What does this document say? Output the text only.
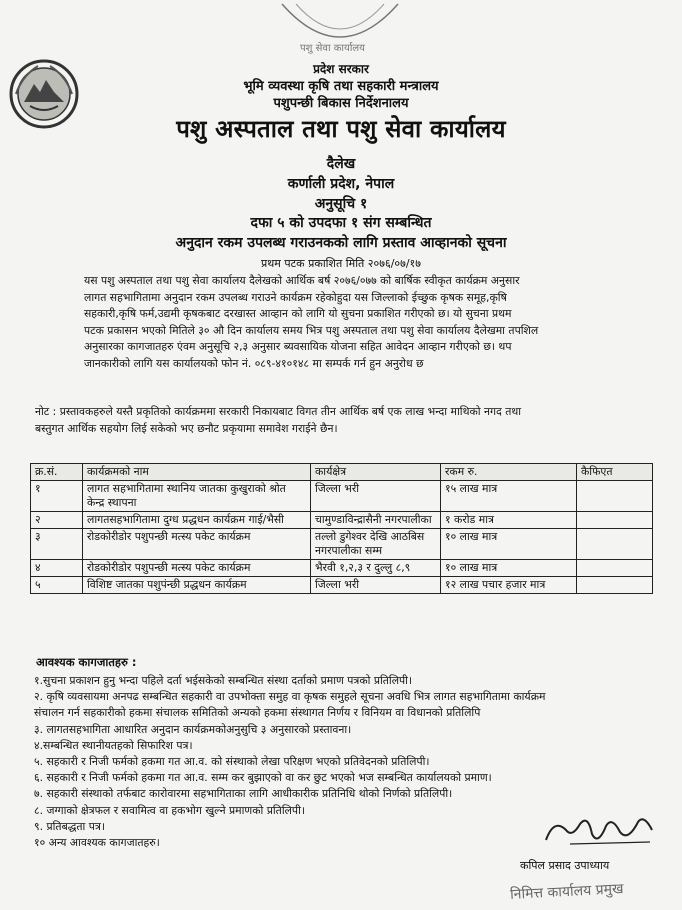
पशु सेवा कार्यालय
प्रदेश सरकार
भूमि व्यवस्था कृषि तथा सहकारी मन्त्रालय
पशुपन्छी बिकास निर्देशनालय
पशु अस्पताल तथा पशु सेवा कार्यालय
दैलेख
कर्णाली प्रदेश, नेपाल
अनुसूचि १
दफा ५ को उपदफा १ संग सम्बन्धित
अनुदान रकम उपलब्ध गराउनकको लागि प्रस्ताव आव्हानको सूचना
प्रथम पटक प्रकाशित मिति २०७६/०७/१७

यस पशु अस्पताल तथा पशु सेवा कार्यालय दैलेखको आर्थिक बर्ष २०७६/०७७ को बार्षिक स्वीकृत कार्यक्रम अनुसार

लागत सहभागितामा अनुदान रकम उपलब्ध गराउने कार्यक्रम रहेकोहुदा यस जिल्लाको ईच्छुक कृषक समूह,कृषि

सहकारी,कृषि फर्म,उद्यमी कृषकबाट दरखास्त आव्हान को लागि यो सुचना प्रकाशित गरीएको छ। यो सुचना प्रथम

पटक प्रकासन भएको मितिले ३० औ दिन कार्यालय समय भित्र पशु अस्पताल तथा पशु सेवा कार्यालय दैलेखमा तपशिल

अनुसारका कागजातहरु एंवम अनुसूचि २,३ अनुसार ब्यवसायिक योजना सहित आवेदन आव्हान गरीएको छ। थप

जानकारीको लागि यस कार्यालयको फोन नं. ०८९-४१०१४८ मा सम्पर्क गर्न हुन अनुरोध छ

नोट : प्रस्तावकहरुले यस्तै प्रकृतिको कार्यक्रममा सरकारी निकायबाट विगत तीन आर्थिक बर्ष एक लाख भन्दा माथिको नगद तथा

बस्तुगत आर्थिक सहयोग लिई सकेको भए छनौट प्रकृयामा समावेश गराईने छैन।

क्र.सं.	कार्यक्रमको नाम	कार्यक्षेत्र	रकम रु.	कैफिएत
१	लागत सहभागितामा स्थानिय जातका कुखुराको श्रोत केन्द्र स्थापना	जिल्ला भरी	१५ लाख मात्र	
२	लागतसहभागितामा दुग्ध प्रद्धधन कार्यक्रम गाई/भैसी	चामुण्डाविन्द्रासैनी नगरपालीका	१ करोड मात्र	
३	रोडकोरीडोर पशुपन्छी मत्स्य पकेट कार्यक्रम	तल्लो डुगेश्वर देखि आठबिस नगरपालीका सम्म	१० लाख मात्र	
४	रोडकोरीडोर पशुपन्छी मत्स्य पकेट कार्यक्रम	भैरवी १,२,३ र दुल्लु ८,९	१० लाख मात्र	
५	विशिष्ट जातका पशुपंन्छी प्रद्धधन कार्यक्रम	जिल्ला भरी	१२ लाख पचार हजार मात्र	
आवश्यक कागजातहरु :
१.सुचना प्रकाशन हुनु भन्दा पहिले दर्ता भईसकेको सम्बन्धित संस्था दर्ताको प्रमाण पत्रको प्रतिलिपी।
२. कृषि व्यवसायमा अनपढ सम्बन्धित सहकारी वा उपभोक्ता समुह वा कृषक समुहले सूचना अवधि भित्र लागत सहभागितामा कार्यक्रम
संचालन गर्न सहकारीको हकमा संचालक समितिको अन्यको हकमा संस्थागत निर्णय र विनियम वा विधानको प्रतिलिपि
३. लागतसहभागिता आधारित अनुदान कार्यक्रमकोअनुसुचि ३ अनुसारको प्रस्तावना।
४.सम्बन्धित स्थानीयतहको सिफारिश पत्र।
५. सहकारी र निजी फर्मको हकमा गत आ.व. को संस्थाको लेखा परिक्षण भएको प्रतिवेदनको प्रतिलिपी।
६. सहकारी र निजी फर्मको हकमा गत आ.व. सम्म कर बुझाएको वा कर छुट भएको भज सम्बन्धित कार्यालयको प्रमाण।
७. सहकारी संस्थाको तर्फबाट कारोवारमा सहभागिताका लागि आधीकारीक प्रतिनिधि थोको निर्णको प्रतिलिपी।
८. जग्गाको क्षेत्रफल र सवामित्व वा हकभोग खुल्ने प्रमाणको प्रतिलिपी।
९. प्रतिबद्धता पत्र।
१० अन्य आवश्यक कागजातहरु।
कपिल प्रसाद उपाध्याय
निमित्त कार्यालय प्रमुख
